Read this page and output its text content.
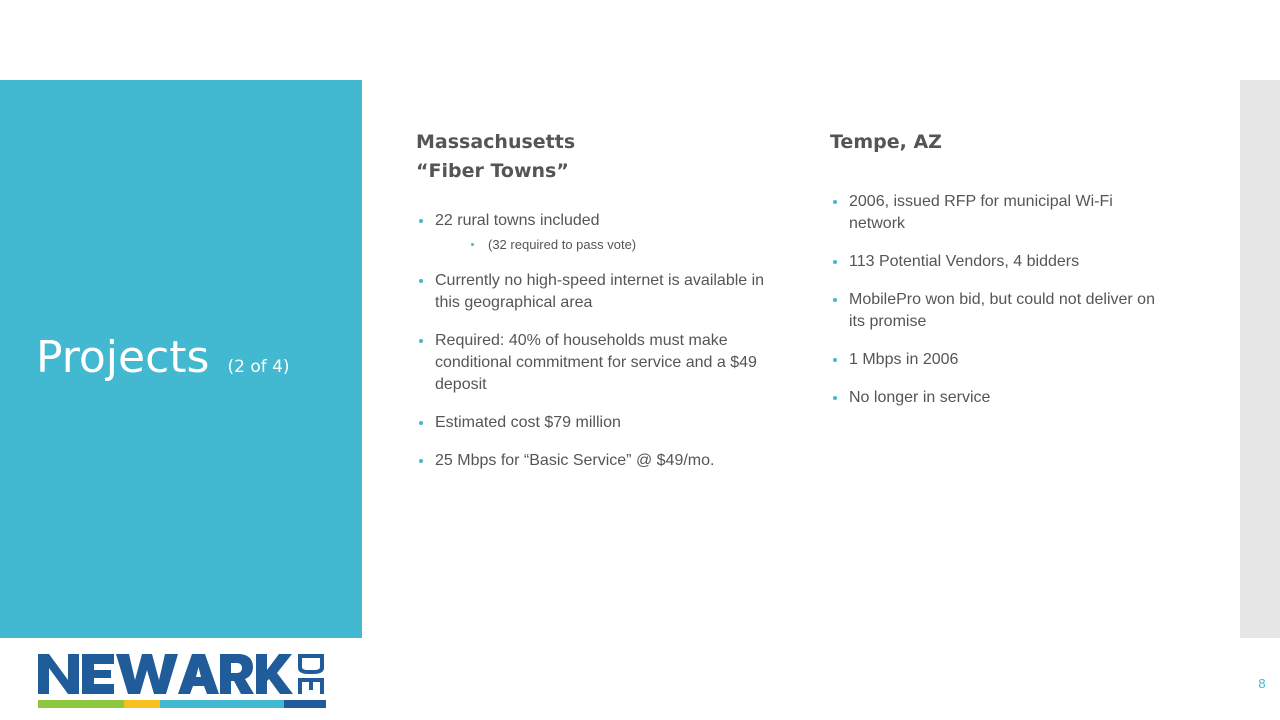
Projects (2 of 4)
Massachusetts
“Fiber Towns”
22 rural towns included
(32 required to pass vote)
Currently no high-speed internet is available in this geographical area
Required: 40% of households must make conditional commitment for service and a $49 deposit
Estimated cost $79 million
25 Mbps for “Basic Service” @ $49/mo.
Tempe, AZ
2006, issued RFP for municipal Wi-Fi network
113 Potential Vendors, 4 bidders
MobilePro won bid, but could not deliver on its promise
1 Mbps in 2006
No longer in service
8
